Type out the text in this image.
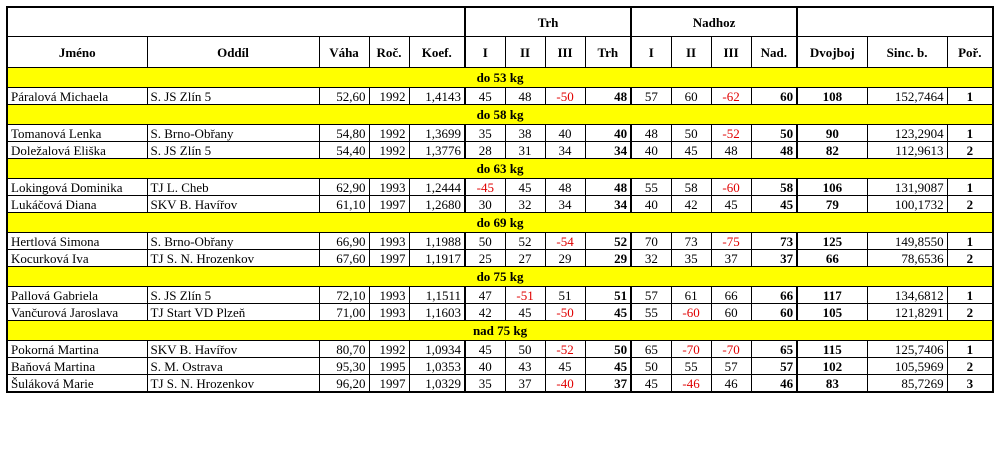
					Trh				Nadhoz						
Jméno	Oddíl	Váha	Roč.	Koef.	I	II	III	Trh	I	II	III	Nad.	Dvojboj	Sinc. b.	Poř.
do 53 kg															
Páralová Michaela	S. JS Zlín 5	52,60	1992	1,4143	45	48	-50	48	57	60	-62	60	108	152,7464	1
do 58 kg															
Tomanová Lenka	S. Brno-Obřany	54,80	1992	1,3699	35	38	40	40	48	50	-52	50	90	123,2904	1
Doležalová Eliška	S. JS Zlín 5	54,40	1992	1,3776	28	31	34	34	40	45	48	48	82	112,9613	2
do 63 kg															
Lokingová Dominika	TJ L. Cheb	62,90	1993	1,2444	-45	45	48	48	55	58	-60	58	106	131,9087	1
Lukáčová Diana	SKV B. Havířov	61,10	1997	1,2680	30	32	34	34	40	42	45	45	79	100,1732	2
do 69 kg															
Hertlová Simona	S. Brno-Obřany	66,90	1993	1,1988	50	52	-54	52	70	73	-75	73	125	149,8550	1
Kocurková Iva	TJ S. N. Hrozenkov	67,60	1997	1,1917	25	27	29	29	32	35	37	37	66	78,6536	2
do 75 kg															
Pallová Gabriela	S. JS Zlín 5	72,10	1993	1,1511	47	-51	51	51	57	61	66	66	117	134,6812	1
Vančurová Jaroslava	TJ Start VD Plzeň	71,00	1993	1,1603	42	45	-50	45	55	-60	60	60	105	121,8291	2
nad 75 kg															
Pokorná Martina	SKV B. Havířov	80,70	1992	1,0934	45	50	-52	50	65	-70	-70	65	115	125,7406	1
Baňová Martina	S. M. Ostrava	95,30	1995	1,0353	40	43	45	45	50	55	57	57	102	105,5969	2
Šuláková Marie	TJ S. N. Hrozenkov	96,20	1997	1,0329	35	37	-40	37	45	-46	46	46	83	85,7269	3
